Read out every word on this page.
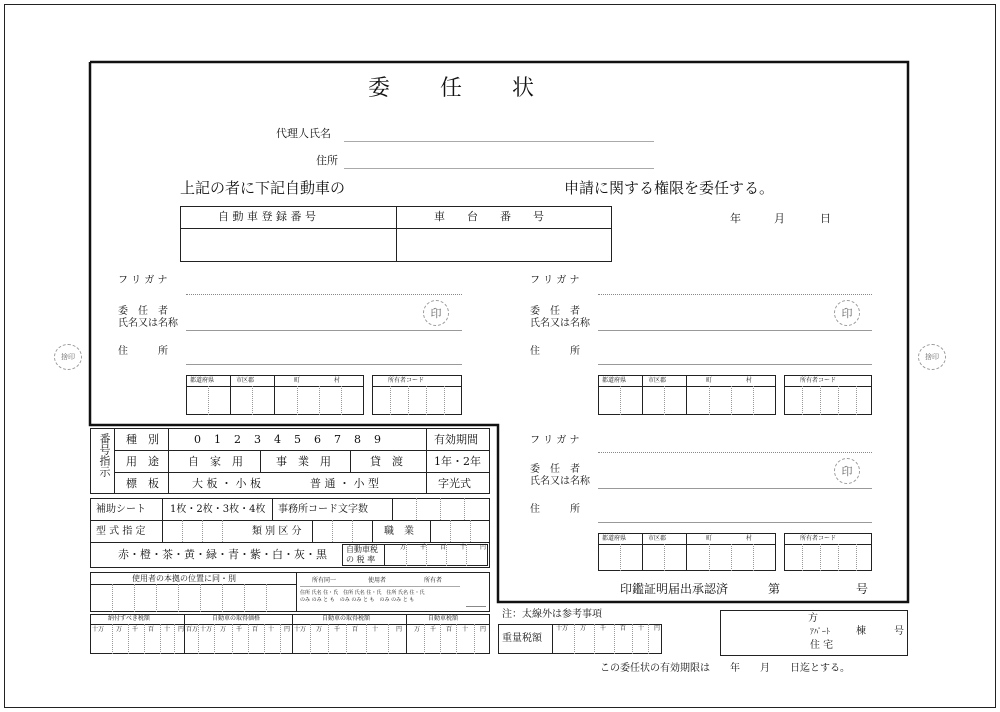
委　　任　　状
代理人氏名
住所
上記の者に下記自動車の	申請に関する権限を委任する。
年	月	日
自 動 車 登 録 番 号	車　　台　　番　　号
捨印	捨印
フ リ ガ ナ
委　任　者
氏名又は名称
印
住　　　所
都道府県	市区郡	町	村	所有者コード
フ リ ガ ナ
委　任　者
氏名又は名称
印
住　　　所
都道府県	市区郡	町	村	所有者コード
フ リ ガ ナ
委　任　者
氏名又は名称
印
住　　　所
都道府県	市区郡	町	村	所有者コード
印鑑証明届出承認済	第	号
番号指示 種　別	0　1　2　3　4　5　6　7　8　9	有効期間
用　途	自　家　用	事　業　用	貸　渡	1年・2年
標　板	大 板 ・ 小 板	普 通 ・ 小 型	字光式
補助シート 1枚・2枚・3枚・4枚 事務所コード文字数
型 式 指 定	類 別 区 分	職　業
赤・橙・茶・黄・緑・青・紫・白・灰・黒 自動車税
の 税 率
万 千 百 十 円
使用者の本拠の位置に同・別	所有同一	使用者	所有者
住所 氏名 住・氏　住所 氏名 住・氏　住所 氏名 住・氏
のみ のみ と も　のみ のみ と も　のみ のみ と も
納付すべき税額	自動車の取得価格	自動車の取得税額	自動車税額
十万 万 千 百 十 円 百万 十万 万 千 百 十 円 十万 万 千 百 十	円 万 千 百 十 円
注：太線外は参考事項
重量税額
十万 万 千 百 十 円
方
ｱﾊﾟｰﾄ	棟	号
住 宅
この委任状の有効期限は　　年　　月　　日迄とする。
